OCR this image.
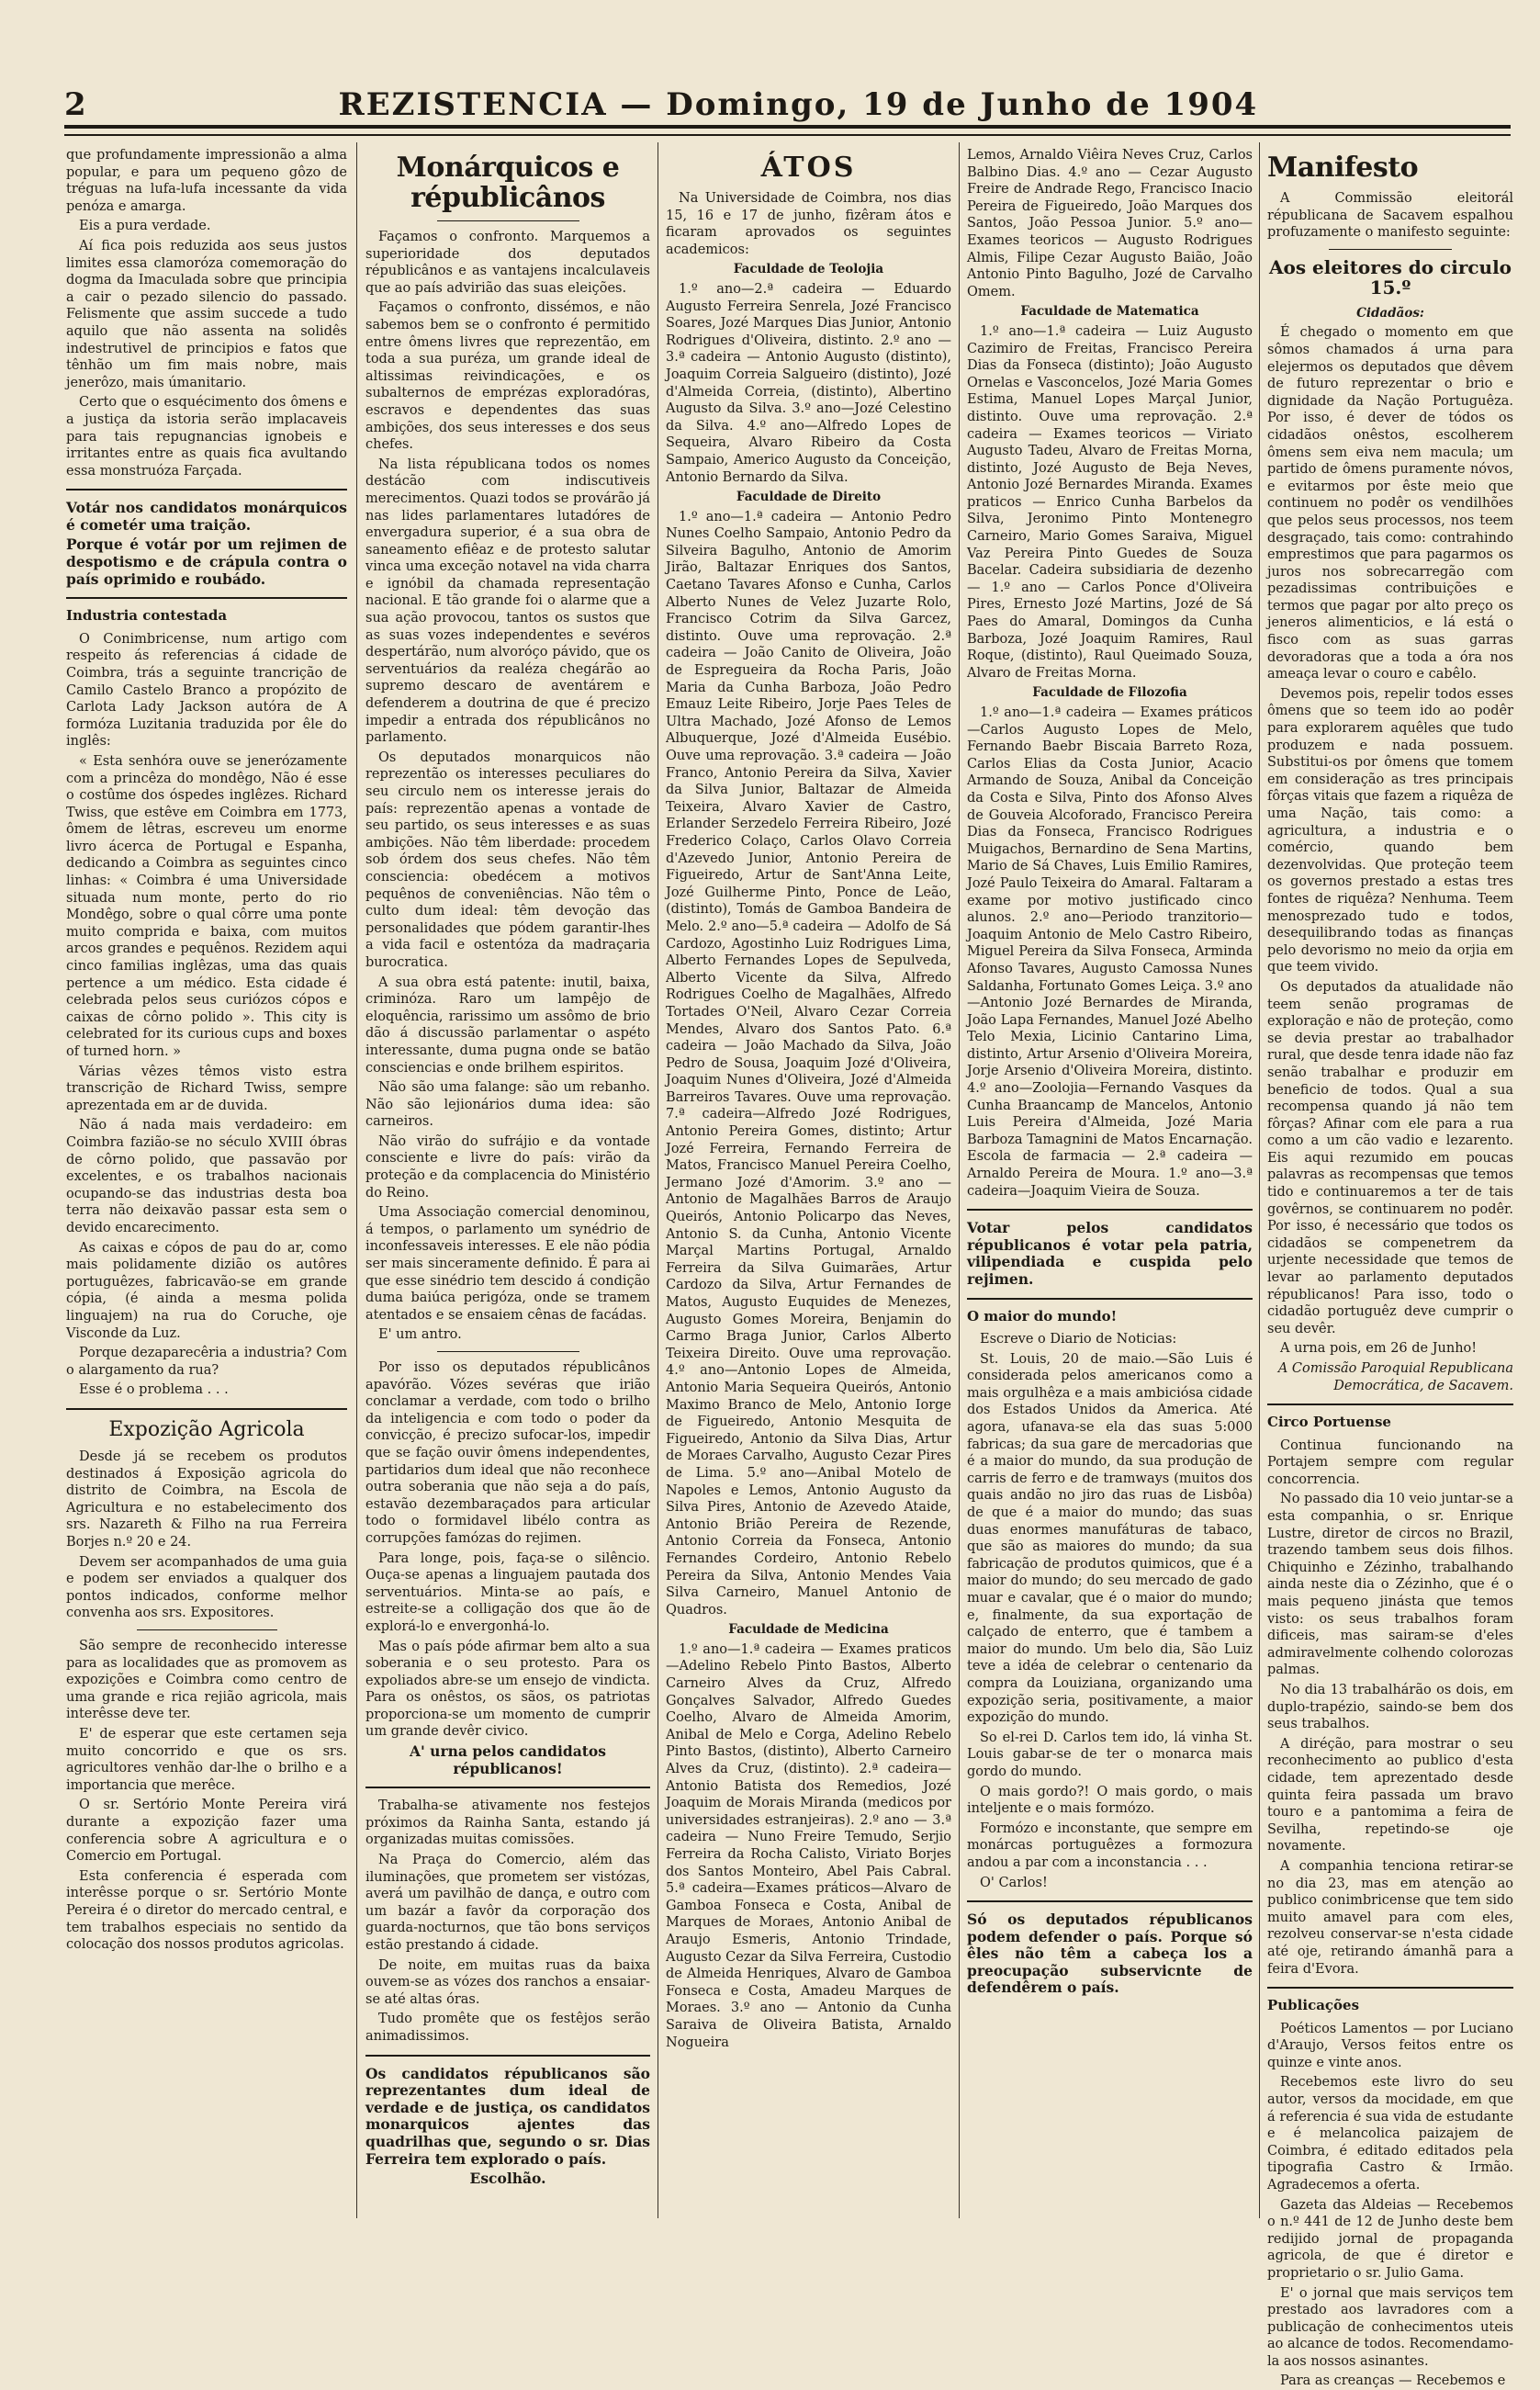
2	REZISTENCIA — Domingo, 19 de Junho de 1904

que profundamente impressionão a alma popular, e para um pequeno gôzo de tréguas na lufa-lufa incessante da vida penóza e amarga.

Eis a pura verdade.

Aí fica pois reduzida aos seus justos limites essa clamoróza comemoração do dogma da Imaculada sobre que principia a cair o pezado silencio do passado. Felismente que assim succede a tudo aquilo que não assenta na solidês indestrutivel de principios e fatos que tênhão um fim mais nobre, mais jenerôzo, mais úmanitario.

Certo que o esquécimento dos ômens e a justiça da istoria serão implacaveis para tais repugnancias ignobeis e irritantes entre as quais fica avultando essa monstruóza Farçada.

Votár nos candidatos monárquicos é cometér uma traição.

Porque é votár por um rejimen de despotismo e de crápula contra o país oprimido e roubádo.

Industria contestada

O Conimbricense, num artigo com respeito ás referencias á cidade de Coimbra, trás a seguinte trancrição de Camilo Castelo Branco a propózito de Carlota Lady Jackson autóra de A formóza Luzitania traduzida por êle do inglês:

« Esta senhóra ouve se jenerózamente com a princêza do mondêgo, Não é esse o costûme dos óspedes inglêzes. Richard Twiss, que estêve em Coimbra em 1773, ômem de lêtras, escreveu um enorme livro ácerca de Portugal e Espanha, dedicando a Coimbra as seguintes cinco linhas: « Coimbra é uma Universidade situada num monte, perto do rio Mondêgo, sobre o qual côrre uma ponte muito comprida e baixa, com muitos arcos grandes e pequênos. Rezidem aqui cinco familias inglêzas, uma das quais pertence a um médico. Esta cidade é celebrada pelos seus curiózos cópos e caixas de côrno polido ». This city is celebrated for its curious cups and boxes of turned horn. »

Várias vêzes têmos visto estra transcrição de Richard Twiss, sempre aprezentada em ar de duvida.

Não á nada mais verdadeiro: em Coimbra fazião-se no século XVIII óbras de côrno polido, que passavão por excelentes, e os trabalhos nacionais ocupando-se das industrias desta boa terra não deixavão passar esta sem o devido encarecimento.

As caixas e cópos de pau do ar, como mais polidamente dizião os autôres portuguêzes, fabricavão-se em grande cópia, (é ainda a mesma polida linguajem) na rua do Coruche, oje Visconde da Luz.

Porque dezaparecêria a industria? Com o alargamento da rua?

Esse é o problema . . .

Expozição Agricola

Desde já se recebem os produtos destinados á Exposição agricola do distrito de Coimbra, na Escola de Agricultura e no estabelecimento dos srs. Nazareth & Filho na rua Ferreira Borjes n.º 20 e 24.

Devem ser acompanhados de uma guia e podem ser enviados a qualquer dos pontos indicados, conforme melhor convenha aos srs. Expositores.

São sempre de reconhecido interesse para as localidades que as promovem as expozições e Coimbra como centro de uma grande e rica rejião agricola, mais interêsse deve ter.

E' de esperar que este certamen seja muito concorrido e que os srs. agricultores venhão dar-lhe o brilho e a importancia que merêce.

O sr. Sertório Monte Pereira virá durante a expozição fazer uma conferencia sobre A agricultura e o Comercio em Portugal.

Esta conferencia é esperada com interêsse porque o sr. Sertório Monte Pereira é o diretor do mercado central, e tem trabalhos especiais no sentido da colocação dos nossos produtos agricolas.

Monárquicos e républicânos

Façamos o confronto. Marquemos a superioridade dos deputados républicânos e as vantajens incalculaveis que ao país advirião das suas eleições.

Façamos o confronto, dissémos, e não sabemos bem se o confronto é permitido entre ômens livres que reprezentão, em toda a sua puréza, um grande ideal de altissimas reivindicações, e os subalternos de emprézas explorad​óras, escravos e dependentes das suas ambições, dos seus interesses e dos seus chefes.

Na lista républicana todos os nomes destácão com indiscutiveis merecimentos. Quazi todos se provárão já nas lides parlamentares lutadóres de envergadura superior, é a sua obra de saneamento efiêaz e de protesto salutar vinca uma exceção notavel na vida charra e ignóbil da chamada representação nacional. E tão grande foi o alarme que a sua ação provocou, tantos os sustos que as suas vozes independentes e sevéros despertárão, num alvoróço pávido, que os serventuários da realéza chegárão ao supremo descaro de aventárem e defenderem a doutrina de que é precizo impedir a entrada dos républicânos no parlamento.

Os deputados monarquicos não reprezentão os interesses peculiares do seu circulo nem os interesse jerais do país: reprezentão apenas a vontade de seu partido, os seus interesses e as suas ambições. Não têm liberdade: procedem sob órdem dos seus chefes. Não têm consciencia: obedécem a motivos pequênos de conveniências. Não têm o culto dum ideal: têm devoção das personalidades que pódem garantir-lhes a vida facil e ostentóza da madraçaria burocratica.

A sua obra está patente: inutil, baixa, criminóza. Raro um lampêjo de eloquência, rarissimo um assômo de brio dão á discussão parlamentar o aspéto interessante, duma pugna onde se batão consciencias e onde brilhem espiritos.

Não são uma falange: são um rebanho. Não são lejionários duma idea: são carneiros.

Não virão do sufrájio e da vontade consciente e livre do país: virão da proteção e da complacencia do Ministério do Reino.

Uma Associação comercial denominou, á tempos, o parlamento um synédrio de inconfessaveis interesses. E ele não pódia ser mais sinceramente definido. É para ai que esse sinédrio tem descido á condição duma baiúca perigóza, onde se tramem atentados e se ensaiem cênas de facádas.

E' um antro.

Por isso os deputados républicânos apavórão. Vózes sevéras que irião conclamar a verdade, com todo o brilho da inteligencia e com todo o poder da convicção, é precizo sufocar-los, impedir que se fação ouvir ômens independentes, partidarios dum ideal que não reconhece outra soberania que não seja a do país, estavão dezembaraçados para articular todo o formidavel libélo contra as corrupções famózas do rejimen.

Para longe, pois, faça-se o silêncio. Ouça-se apenas a linguajem pautada dos serventuários. Minta-se ao país, e estreite-se a colligação dos que ão de explorá-lo e envergonhá-lo.

Mas o país póde afirmar bem alto a sua soberania e o seu protesto. Para os expoliados abre-se um ensejo de vindicta. Para os onêstos, os sãos, os patriotas proporciona-se um momento de cumprir um grande devêr civico.

A' urna pelos candidatos républicanos!

Trabalha-se ativamente nos festejos próximos da Rainha Santa, estando já organizadas muitas comissões.

Na Praça do Comercio, além das iluminações, que prometem ser vistózas, averá um pavilhão de dança, e outro com um bazár a favôr da corporação dos guarda-nocturnos, que tão bons serviços estão prestando á cidade.

De noite, em muitas ruas da baixa ouvem-se as vózes dos ranchos a ensaiar-se até altas óras.

Tudo promête que os festêjos serão animadissimos.

Os candidatos républicanos são reprezentantes dum ideal de verdade e de justiça, os candidatos monarquicos ajentes das quadrilhas que, segundo o sr. Dias Ferreira tem explorado o país.

Escolhão.

ÁTOS

Na Universidade de Coimbra, nos dias 15, 16 e 17 de junho, fizêram átos e ficaram aprovados os seguintes academicos:

Faculdade de Teolojia

1.º ano—2.ª cadeira — Eduardo Augusto Ferreira Senrela, Jozé Francisco Soares, Jozé Marques Dias Junior, Antonio Rodrigues d'Oliveira, distinto. 2.º ano — 3.ª cadeira — Antonio Augusto (distinto), Joaquim Correia Salgueiro (distinto), Jozé d'Almeida Correia, (distinto), Albertino Augusto da Silva. 3.º ano—Jozé Celestino da Silva. 4.º ano—Alfredo Lopes de Sequeira, Alvaro Ribeiro da Costa Sampaio, Americo Augusto da Conceição, Antonio Bernardo da Silva.

Faculdade de Direito

1.º ano—1.ª cadeira — Antonio Pedro Nunes Coelho Sampaio, Antonio Pedro da Silveira Bagulho, Antonio de Amorim Jirão, Baltazar Enriques dos Santos, Caetano Tavares Afonso e Cunha, Carlos Alberto Nunes de Velez Juzarte Rolo, Francisco Cotrim da Silva Garcez, distinto. Ouve uma reprovação. 2.ª cadeira — João Canito de Oliveira, João de Espregueira da Rocha Paris, João Maria da Cunha Barboza, João Pedro Emauz Leite Ribeiro, Jorje Paes Teles de Ultra Machado, Jozé Afonso de Lemos Albuquerque, Jozé d'Almeida Eusébio. Ouve uma reprovação. 3.ª cadeira — João Franco, Antonio Pereira da Silva, Xavier da Silva Junior, Baltazar de Almeida Teixeira, Alvaro Xavier de Castro, Erlander Serzedelo Ferreira Ribeiro, Jozé Frederico Colaço, Carlos Olavo Correia d'Azevedo Junior, Antonio Pereira de Figueiredo, Artur de Sant'Anna Leite, Jozé Guilherme Pinto, Ponce de Leão, (distinto), Tomás de Gamboa Bandeira de Melo. 2.º ano—5.ª cadeira — Adolfo de Sá Cardozo, Agostinho Luiz Rodrigues Lima, Alberto Fernandes Lopes de Sepulveda, Alberto Vicente da Silva, Alfredo Rodrigues Coelho de Magalhães, Alfredo Tortades O'Neil, Alvaro Cezar Correia Mendes, Alvaro dos Santos Pato. 6.ª cadeira — João Machado da Silva, João Pedro de Sousa, Joaquim Jozé d'Oliveira, Joaquim Nunes d'Oliveira, Jozé d'Almeida Barreiros Tavares. Ouve uma reprovação. 7.ª cadeira—Alfredo Jozé Rodrigues, Antonio Pereira Gomes, distinto; Artur Jozé Ferreira, Fernando Ferreira de Matos, Francisco Manuel Pereira Coelho, Jermano Jozé d'Amorim. 3.º ano — Antonio de Magalhães Barros de Araujo Queirós, Antonio Policarpo das Neves, Antonio S. da Cunha, Antonio Vicente Marçal Martins Portugal, Arnaldo Ferreira da Silva Guimarães, Artur Cardozo da Silva, Artur Fernandes de Matos, Augusto Euquides de Menezes, Augusto Gomes Moreira, Benjamin do Carmo Braga Junior, Carlos Alberto Teixeira Direito. Ouve uma reprovação. 4.º ano—Antonio Lopes de Almeida, Antonio Maria Sequeira Queirós, Antonio Maximo Branco de Melo, Antonio Iorge de Figueiredo, Antonio Mesquita de Figueiredo, Antonio da Silva Dias, Artur de Moraes Carvalho, Augusto Cezar Pires de Lima. 5.º ano—Anibal Motelo de Napoles e Lemos, Antonio Augusto da Silva Pires, Antonio de Azevedo Ataide, Antonio Brião Pereira de Rezende, Antonio Correia da Fonseca, Antonio Fernandes Cordeiro, Antonio Rebelo Pereira da Silva, Antonio Mendes Vaia Silva Carneiro, Manuel Antonio de Quadros.

Faculdade de Medicina

1.º ano—1.ª cadeira — Exames praticos—Adelino Rebelo Pinto Bastos, Alberto Carneiro Alves da Cruz, Alfredo Gonçalves Salvador, Alfredo Guedes Coelho, Alvaro de Almeida Amorim, Anibal de Melo e Corga, Adelino Rebelo Pinto Bastos, (distinto), Alberto Carneiro Alves da Cruz, (distinto). 2.ª cadeira—Antonio Batista dos Remedios, Jozé Joaquim de Morais Miranda (medicos por universidades estranjeiras). 2.º ano — 3.ª cadeira — Nuno Freire Temudo, Serjio Ferreira da Rocha Calisto, Viriato Borjes dos Santos Monteiro, Abel Pais Cabral. 5.ª cadeira—Exames práticos—Alvaro de Gamboa Fonseca e Costa, Anibal de Marques de Moraes, Antonio Anibal de Araujo Esmeris, Antonio Trindade, Augusto Cezar da Silva Ferreira, Custodio de Almeida Henriques, Alvaro de Gamboa Fonseca e Costa, Amadeu Marques de Moraes. 3.º ano — Antonio da Cunha Saraiva de Oliveira Batista, Arnaldo Nogueira

Lemos, Arnaldo Viêira Neves Cruz, Carlos Balbino Dias. 4.º ano — Cezar Augusto Freire de Andrade Rego, Francisco Inacio Pereira de Figueiredo, João Marques dos Santos, João Pessoa Junior. 5.º ano—Exames teoricos — Augusto Rodrigues Almis, Filipe Cezar Augusto Baião, João Antonio Pinto Bagulho, Jozé de Carvalho Omem.

Faculdade de Matematica

1.º ano—1.ª cadeira — Luiz Augusto Cazimiro de Freitas, Francisco Pereira Dias da Fonseca (distinto); João Augusto Ornelas e Vasconcelos, Jozé Maria Gomes Estima, Manuel Lopes Marçal Junior, distinto. Ouve uma reprovação. 2.ª cadeira — Exames teoricos — Viriato Augusto Tadeu, Alvaro de Freitas Morna, distinto, Jozé Augusto de Beja Neves, Antonio Jozé Bernardes Miranda. Exames praticos — Enrico Cunha Barbelos da Silva, Jeronimo Pinto Montenegro Carneiro, Mario Gomes Saraiva, Miguel Vaz Pereira Pinto Guedes de Souza Bacelar. Cadeira subsidiaria de dezenho — 1.º ano — Carlos Ponce d'Oliveira Pires, Ernesto Jozé Martins, Jozé de Sá Paes do Amaral, Domingos da Cunha Barboza, Jozé Joaquim Ramires, Raul Roque, (distinto), Raul Queimado Souza, Alvaro de Freitas Morna.

Faculdade de Filozofia

1.º ano—1.ª cadeira — Exames práticos—Carlos Augusto Lopes de Melo, Fernando Baebr Biscaia Barreto Roza, Carlos Elias da Costa Junior, Acacio Armando de Souza, Anibal da Conceição da Costa e Silva, Pinto dos Afonso Alves de Gouveia Alcoforado, Francisco Pereira Dias da Fonseca, Francisco Rodrigues Muigachos, Bernardino de Sena Martins, Mario de Sá Chaves, Luis Emilio Ramires, Jozé Paulo Teixeira do Amaral. Faltaram a exame por motivo justificado cinco alunos. 2.º ano—Periodo tranzitorio—Joaquim Antonio de Melo Castro Ribeiro, Miguel Pereira da Silva Fonseca, Arminda Afonso Tavares, Augusto Camossa Nunes Saldanha, Fortunato Gomes Leiça. 3.º ano—Antonio Jozé Bernardes de Miranda, João Lapa Fernandes, Manuel Jozé Abelho Telo Mexia, Licinio Cantarino Lima, distinto, Artur Arsenio d'Oliveira Moreira, Jorje Arsenio d'Oliveira Moreira, distinto. 4.º ano—Zoolojia—Fernando Vasques da Cunha Braancamp de Mancelos, Antonio Luis Pereira d'Almeida, Jozé Maria Barboza Tamagnini de Matos Encarnação. Escola de farmacia — 2.ª cadeira — Arnaldo Pereira de Moura. 1.º ano—3.ª cadeira—Joaquim Vieira de Souza.

Votar pelos candidatos républicanos é votar pela patria, vilipendiada e cuspida pelo rejimen.

O maior do mundo!

Escreve o Diario de Noticias:

St. Louis, 20 de maio.—São Luis é considerada pelos americanos como a mais orgulhêza e a mais ambiciósa cidade dos Estados Unidos da America. Até agora, ufanava-se ela das suas 5:000 fabricas; da sua gare de mercadorias que é a maior do mundo, da sua produção de carris de ferro e de tramways (muitos dos quais andão no jiro das ruas de Lisbôa) de que é a maior do mundo; das suas duas enormes manufáturas de tabaco, que são as maiores do mundo; da sua fabricação de produtos quimicos, que é a maior do mundo; do seu mercado de gado muar e cavalar, que é o maior do mundo; e, finalmente, da sua exportação de calçado de enterro, que é tambem a maior do mundo. Um belo dia, São Luiz teve a idéa de celebrar o centenario da compra da Louiziana, organizando uma expozição seria, positivamente, a maior expozição do mundo.

So el-rei D. Carlos tem ido, lá vinha St. Louis gabar-se de ter o monarca mais gordo do mundo.

O mais gordo?! O mais gordo, o mais inteljente e o mais formózo.

Formózo e inconstante, que sempre em monárcas portuguêzes a formozura andou a par com a inconstancia . . .

O' Carlos!

Só os deputados républicanos podem defender o país. Porque só êles não têm a cabeça los a preocupação subservicnte de defendêrem o país.

Manifesto

A Commissão eleitorál républicana de Sacavem espalhou profuzamente o manifesto seguinte:

Aos eleitores do circulo 15.º

Cidadãos:

É chegado o momento em que sômos chamados á urna para elejermos os deputados que dêvem de futuro reprezentar o brio e dignidade da Nação Portuguêza. Por isso, é dever de tódos os cidadãos onêstos, escolherem ômens sem eiva nem macula; um partido de ômens puramente nóvos, e evitarmos por êste meio que continuem no podêr os vendilhões que pelos seus processos, nos teem desgraçado, tais como: contrahindo emprestimos que para pagarmos os juros nos sobrecarregão com pezadissimas contribuições e termos que pagar por alto preço os jeneros alimenticios, e lá está o fisco com as suas garras devoradoras que a toda a óra nos ameaça levar o couro e cabêlo.

Devemos pois, repelir todos esses ômens que so teem ido ao podêr para explorarem aquêles que tudo produzem e nada possuem. Substitui-os por ômens que tomem em consideração as tres principais fôrças vitais que fazem a riquêza de uma Nação, tais como: a agricultura, a industria e o comércio, quando bem dezenvolvidas. Que proteção teem os governos prestado a estas tres fontes de riquêza? Nenhuma. Teem menosprezado tudo e todos, desequilibrando todas as finanças pelo devorismo no meio da orjia em que teem vivido.

Os deputados da atualidade não teem senão programas de exploração e não de proteção, como se devia prestar ao trabalhador rural, que desde tenra idade não faz senão trabalhar e produzir em beneficio de todos. Qual a sua recompensa quando já não tem fôrças? Afinar com ele para a rua como a um cão vadio e lezarento. Eis aqui rezumido em poucas palavras as recompensas que temos tido e continuaremos a ter de tais govêrnos, se continuarem no podêr. Por isso, é necessário que todos os cidadãos se compenetrem da urjente necessidade que temos de levar ao parlamento deputados républicanos! Para isso, todo o cidadão portuguêz deve cumprir o seu devêr.

A urna pois, em 26 de Junho!

A Comissão Paroquial Republicana Democrática, de Sacavem.

Circo Portuense

Continua funcionando na Portajem sempre com regular concorrencia.

No passado dia 10 veio juntar-se a esta companhia, o sr. Enrique Lustre, diretor de circos no Brazil, trazendo tambem seus dois filhos. Chiquinho e Zézinho, trabalhando ainda neste dia o Zézinho, que é o mais pequeno jinásta que temos visto: os seus trabalhos foram dificeis, mas sairam-se d'eles admiravelmente colhendo colorozas palmas.

No dia 13 trabalhárão os dois, em duplo-trapézio, saindo-se bem dos seus trabalhos.

A diréção, para mostrar o seu reconhecimento ao publico d'esta cidade, tem aprezentado desde quinta feira passada um bravo touro e a pantomima a feira de Sevilha, repetindo-se oje novamente.

A companhia tenciona retirar-se no dia 23, mas em atenção ao publico conimbricense que tem sido muito amavel para com eles, rezolveu conservar-se n'esta cidade até oje, retirando ámanhã para a feira d'Evora.

Publicações

Poéticos Lamentos — por Luciano d'Araujo, Versos feitos entre os quinze e vinte anos.

Recebemos este livro do seu autor, versos da mocidade, em que á referencia é sua vida de estudante e é melancolica paizajem de Coimbra, é editado editados pela tipografia Castro & Irmão. Agradecemos a oferta.

Gazeta das Aldeias — Recebemos o n.º 441 de 12 de Junho deste bem redijido jornal de propaganda agricola, de que é diretor e proprietario o sr. Julio Gama.

E' o jornal que mais serviços tem prestado aos lavradores com a publicação de conhecimentos uteis ao alcance de todos. Recomendamo-la aos nossos asinantes.

Para as creanças — Recebemos e
